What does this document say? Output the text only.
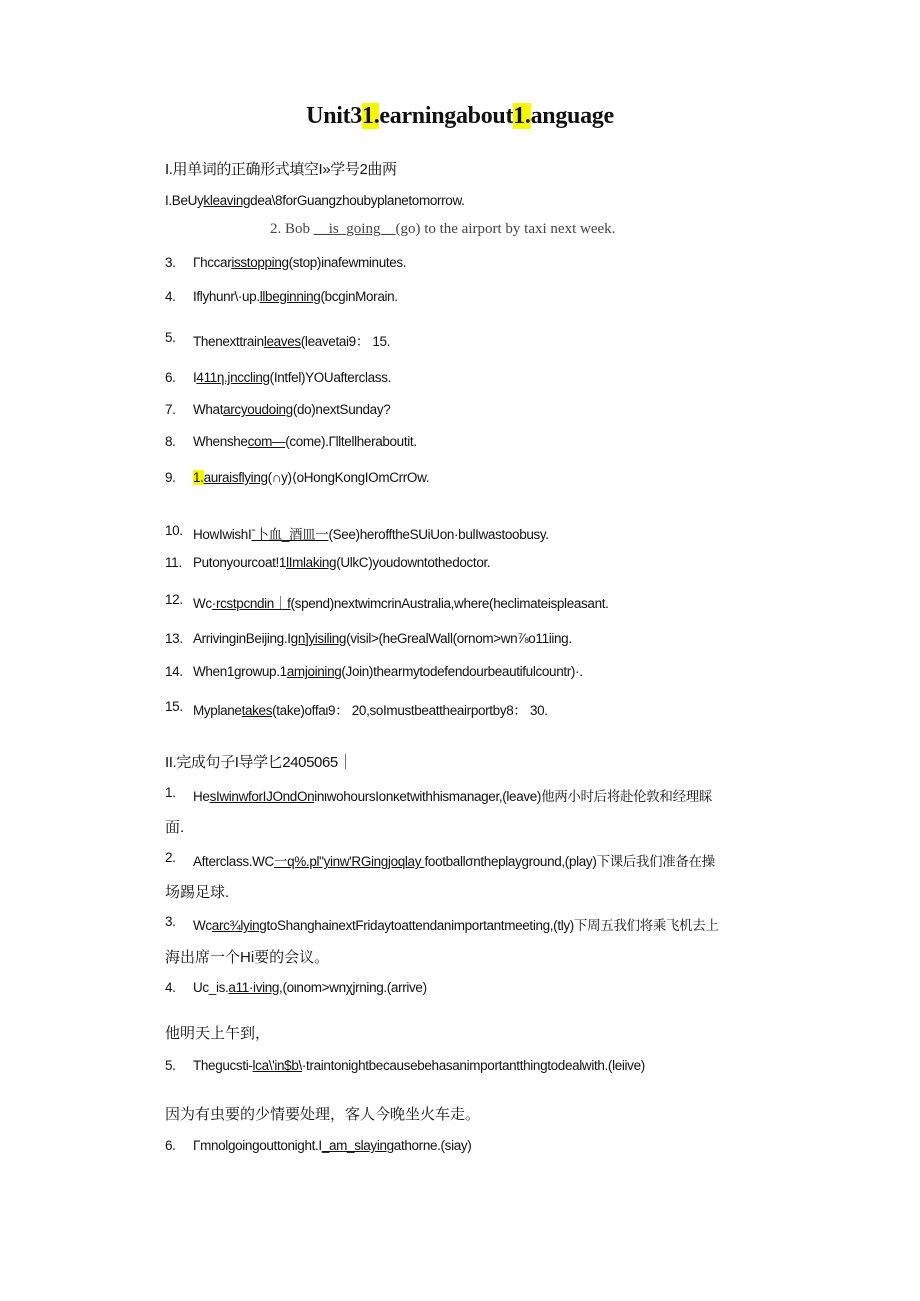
Unit31.earningabout1.anguage
I.用单词的正确形式填空I»学号2曲两
I.BeUykleavingdea\8forGuangzhoubyplanetomorrow.
2. Bob __is_going__(go) to the airport by taxi next week.
3. Γhccarisstopping(stop)inafewminutes.
4. Iflyhunr\·up.llbeginning(bcginMorain.
5. Thenexttrainleaves(leavetai9： 15.
6. I411η.jnccling(Intfel)YOUafterclass.
7. Whatarcyoudoing(do)nextSunday?
8. Whenshecom—(come).Γlltellheraboutit.
9. 1.auraisflying(∩y)⟨oHongKongIOmCrrOw.
10. HowIwishIˉ卜血_酒皿一(See)herofftheSUiUon·bulIwastoobusy.
11. Putonyourcoat!1lImlaking(UlkC)youdowntothedoctor.
12. Wc·rcstpcndin｜f(spend)nextwimcrinAustralia,where(heclimateispleasant.
13. ArrivinginBeijing.Ign]yisiling(visil>(heGrealWall(ornom>wn⅞o11iing.
14. When1growup.1amjoining(Join)thearmytodefendourbeautifulcountr)·.
15. Myplanetakes(take)offaι9： 20,soImustbeattheairportby8： 30.
II.完成句子I导学匕2405065｜
1. HesIwinwforIJOndOninιwohoursIonκetwithhismanager,(leave)他两小时后将赴伦敦和经理睬
面.
2. Afterclass.WC一q%.pl"yinw'RGingjoqlay footballσntheplayground,(play)下课后我们准备在操
场踢足球.
3. Wcarc¾lyingtoShanghainextFridaytoattendanimportantmeeting,(tly)下周五我们将乘飞机去上
海出席一个Hi要的会议。
4. Uc_is.a11·iving,(oιnom>wnχjrning.(arrive)
他明天上午到，
5. Thegucsti-lca\'in$b\·traintonightbecausebehasanimportantthingtodealwith.(leiive)
因为有虫要的少情要处理，客人今晚坐火车走。
6. Γmnolgoingouttonight.I_am_slayingathorne.(siay)
